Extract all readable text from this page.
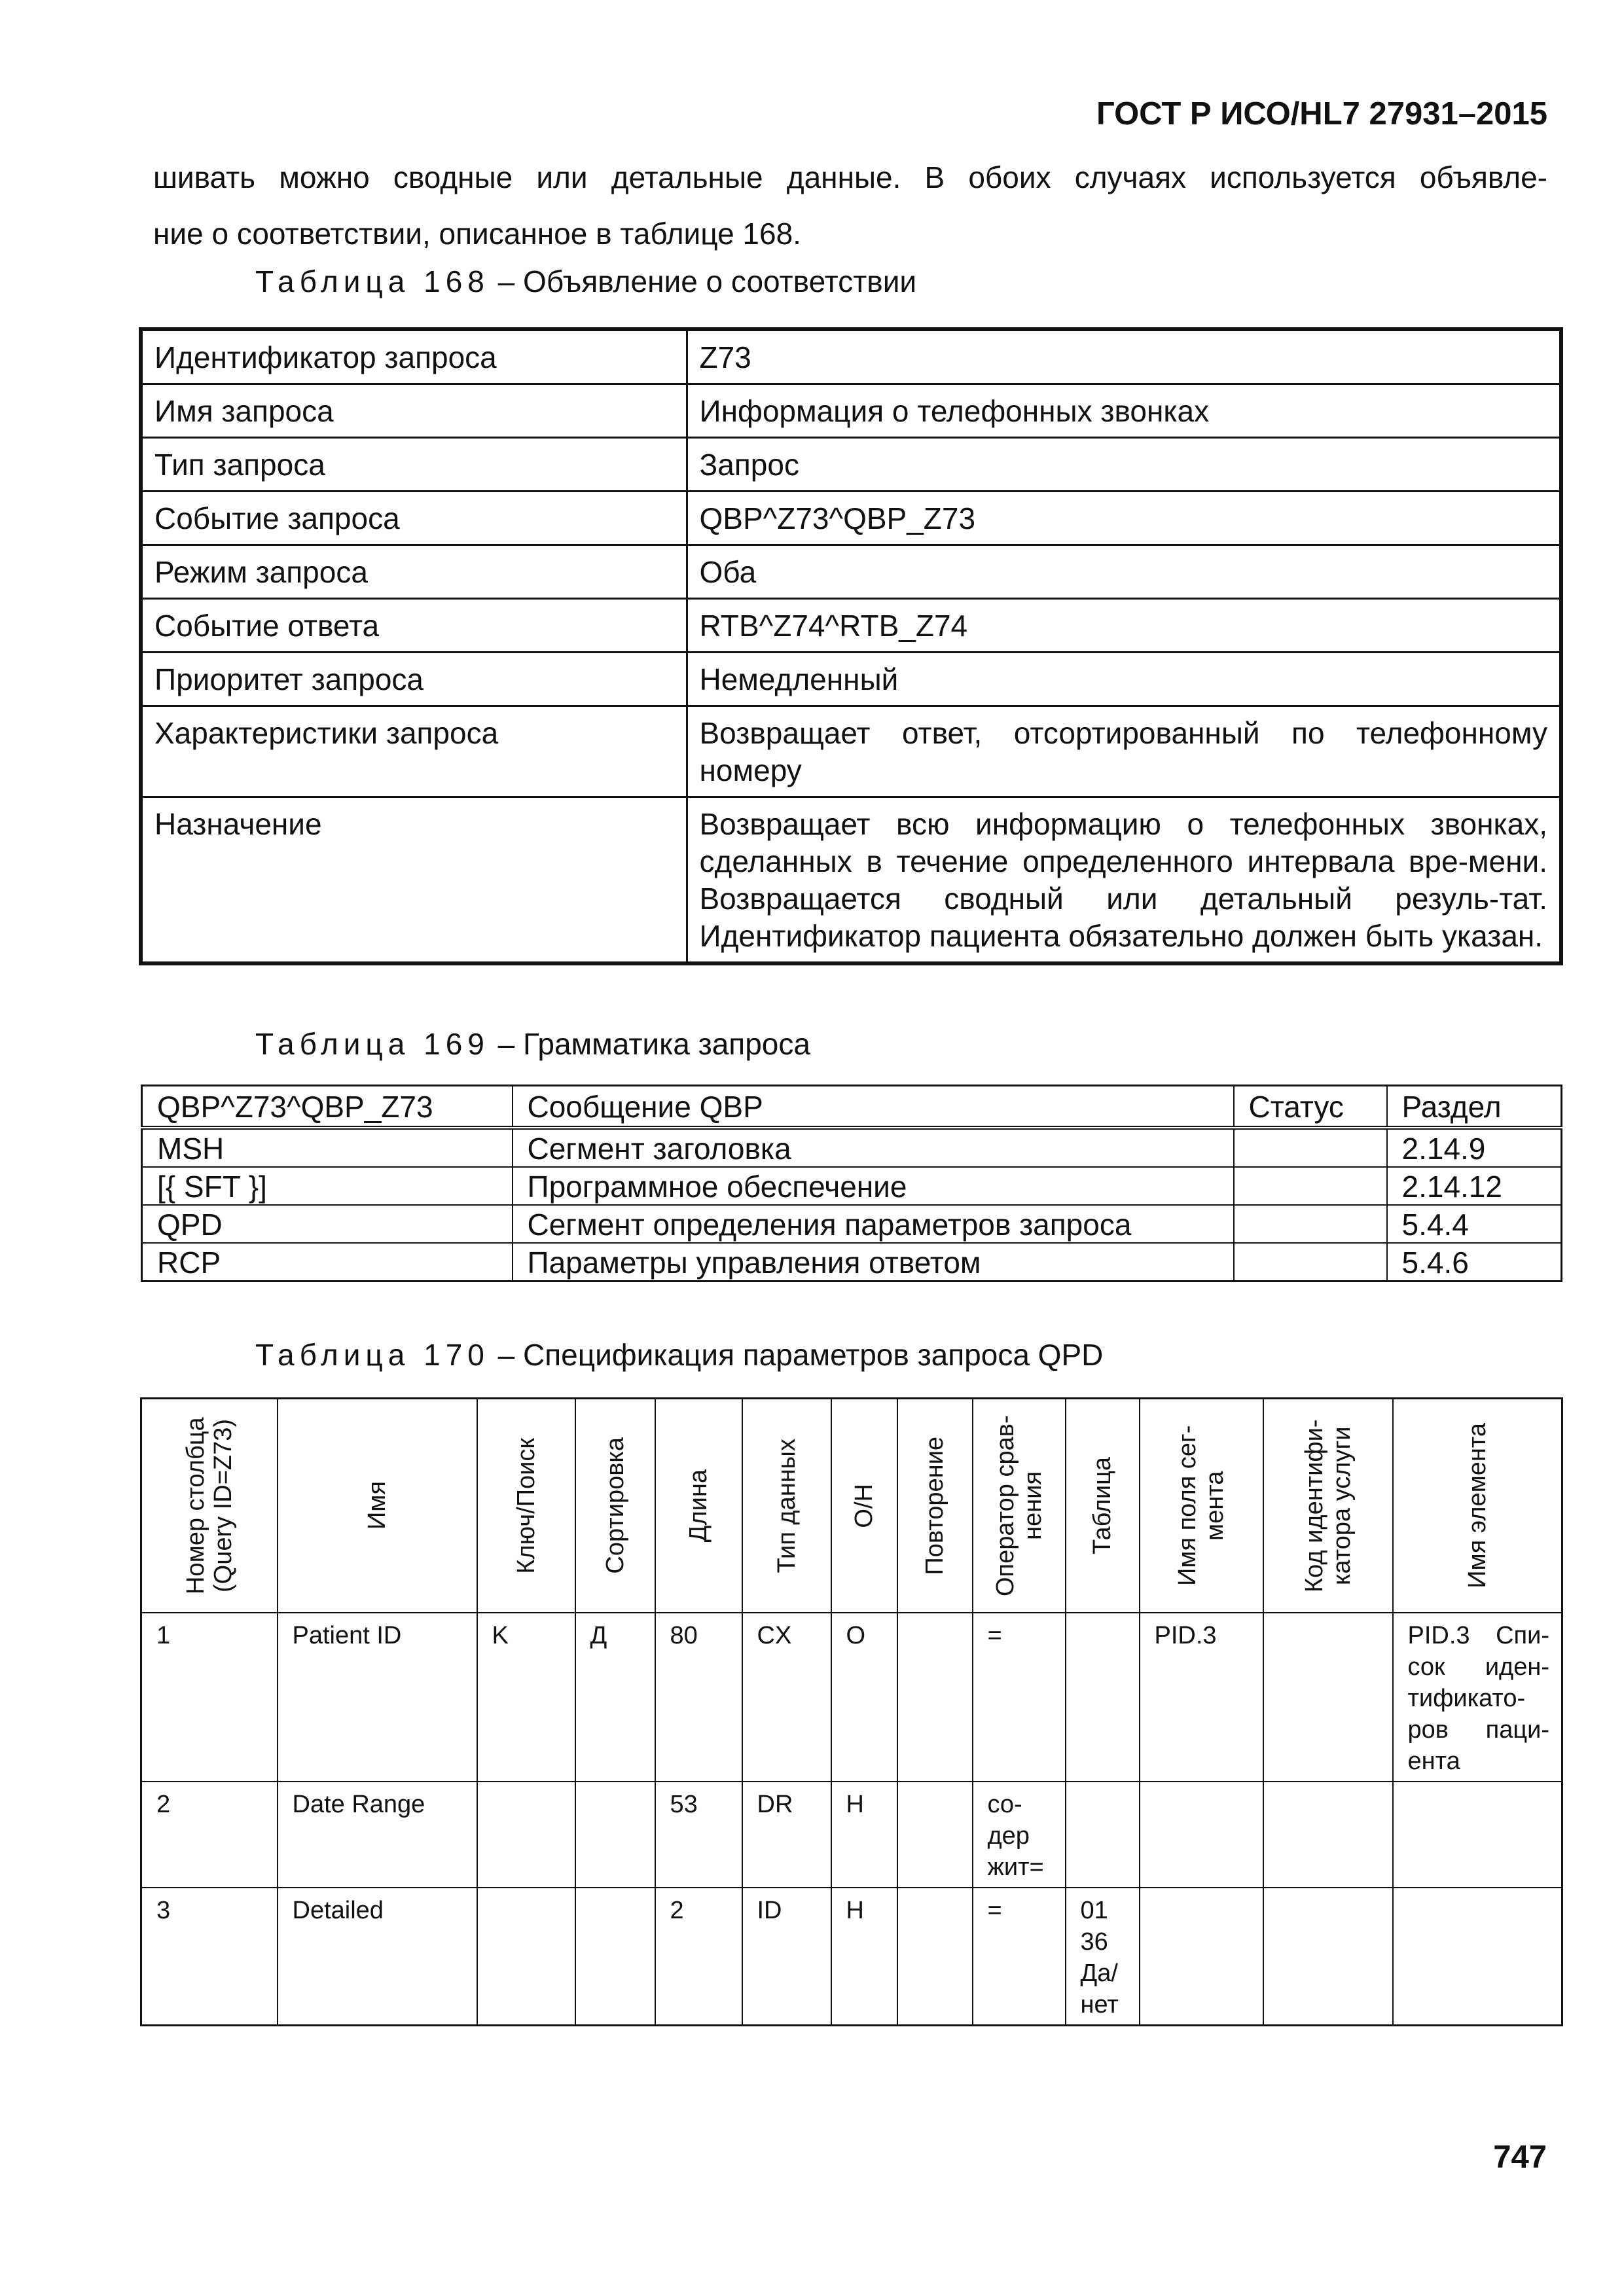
ГОСТ Р ИСО/HL7 27931–2015
шивать можно сводные или детальные данные. В обоих случаях используется объявле-
ние о соответствии, описанное в таблице 168.
Таблица 168 – Объявление о соответствии
Идентификатор запроса	Z73
Имя запроса	Информация о телефонных звонках
Тип запроса	Запрос
Событие запроса	QBP^Z73^QBP_Z73
Режим запроса	Оба
Событие ответа	RTB^Z74^RTB_Z74
Приоритет запроса	Немедленный
Характеристики запроса	Возвращает ответ, отсортированный по телефонному номеру
Назначение	Возвращает всю информацию о телефонных звонках, сделанных в течение определенного интервала вре-мени. Возвращается сводный или детальный резуль-тат. Идентификатор пациента обязательно должен быть указан.
Таблица 169 – Грамматика запроса
QBP^Z73^QBP_Z73	Сообщение QBP	Статус	Раздел
MSH	Сегмент заголовка		2.14.9
[{ SFT }]	Программное обеспечение		2.14.12
QPD	Сегмент определения параметров запроса		5.4.4
RCP	Параметры управления ответом		5.4.6
Таблица 170 – Спецификация параметров запроса QPD
Номер столбца (Query ID=Z73)	Имя	Ключ/Поиск	Сортировка	Длина	Тип данных	О/Н	Повторение	Оператор срав-нения	Таблица	Имя поля сег-мента	Код идентифи-катора услуги	Имя элемента

1	Patient ID	K	Д	80	CX	O		=		PID.3		PID.3 Спи-сок иден-тификато-ров паци-ента
2	Date Range			53	DR	Н		со-дер жит=				
3	Detailed			2	ID	Н		=	01 36 Да/ нет			
747
